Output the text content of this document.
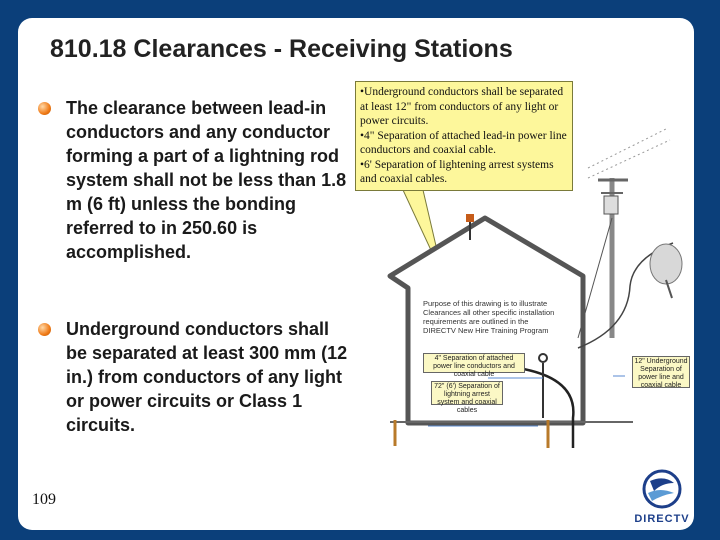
810.18 Clearances - Receiving Stations
The clearance between lead-in conductors and any conductor forming a part of a lightning rod system shall not be less than 1.8 m (6 ft) unless the bonding referred to in 250.60 is accomplished.
Underground conductors shall be separated at least 300 mm (12 in.) from conductors of any light or power circuits or Class 1 circuits.
109
Purpose of this drawing is to illustrate Clearances all other specific installation requirements are outlined in the DIRECTV New Hire Training Program
4" Separation of attached power line conductors and coaxial cable
72" (6') Separation of lightning arrest system and coaxial cables
12" Underground Separation of power line and coaxial cable
•Underground conductors shall be separated at least 12" from conductors of any light or power circuits.
•4" Separation of attached lead-in power line conductors and coaxial cable.
•6' Separation of lightening arrest systems and coaxial cables.
DIRECTV
